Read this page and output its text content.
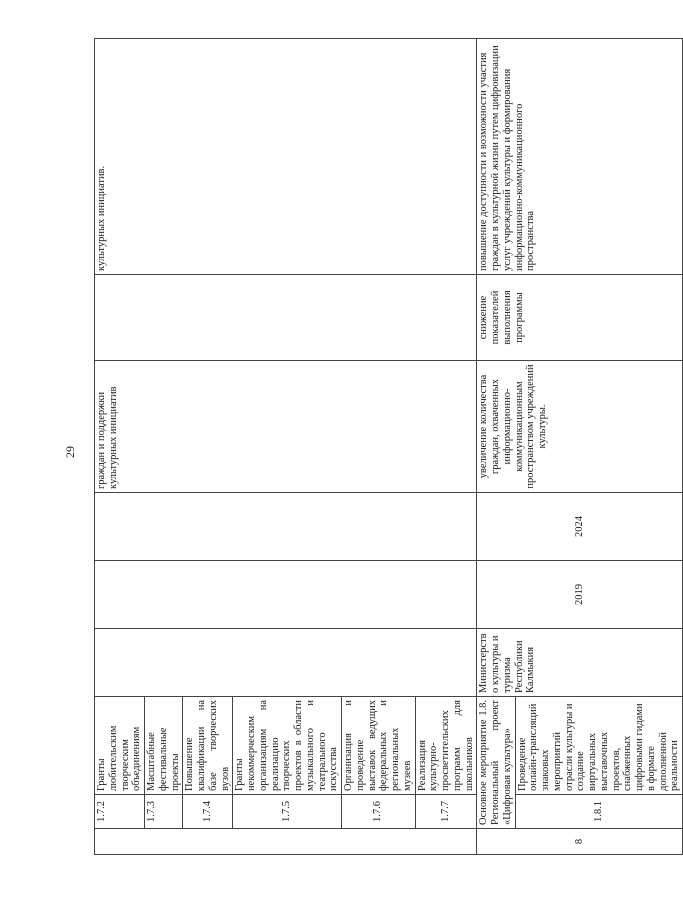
29
	1.7.2	Гранты любительским творческим объединениям				граждан и поддержки культурных инициатив		культурных инициатив.
	1.7.3	Масштабные фестивальные проекты						
	1.7.4	Повышение квалификации на базе творческих вузов						
	1.7.5	Гранты некоммерческим организациям на реализацию творческих проектов в области музыкального и театрального искусства						
	1.7.6	Организация и проведение выставок ведущих федеральных и региональных музеев						
	1.7.7	Реализация культурно-просветительских программ для школьников						
8	Основное мероприятие 1.8. Региональный проект «Цифровая культура»		Министерство культуры и туризма Республики Калмыкия	2019	2024	увеличение количества граждан, охваченных информационно-коммуникационным пространством учреждений культуры.	снижение показателей выполнения программы	повышение доступности и возможности участия граждан в культурной жизни путем цифровизации услуг учреждений культуры и формирования информационно-коммуникационного пространства
	1.8.1	Проведение онлайн-трансляций знаковых мероприятий отрасли культуры и создание виртуальных выставочных проектов, снабженных цифровыми гидами в формате дополненной реальности						
